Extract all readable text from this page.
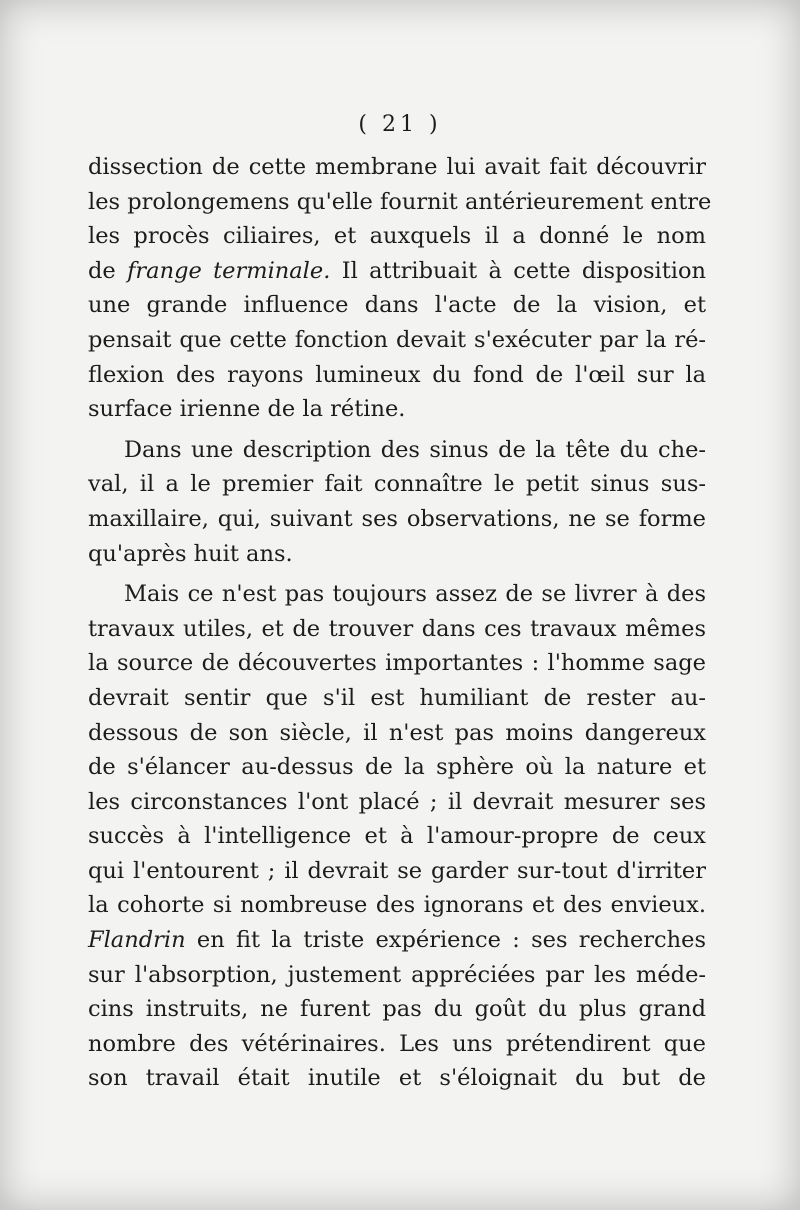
( 21 )
dissection de cette membrane lui avait fait découvrir
les prolongemens qu'elle fournit antérieurement entre
les procès ciliaires, et auxquels il a donné le nom
de frange terminale. Il attribuait à cette disposition
une grande influence dans l'acte de la vision, et
pensait que cette fonction devait s'exécuter par la ré-
flexion des rayons lumineux du fond de l'œil sur la
surface irienne de la rétine.
Dans une description des sinus de la tête du che-
val, il a le premier fait connaître le petit sinus sus-
maxillaire, qui, suivant ses observations, ne se forme
qu'après huit ans.
Mais ce n'est pas toujours assez de se livrer à des
travaux utiles, et de trouver dans ces travaux mêmes
la source de découvertes importantes : l'homme sage
devrait sentir que s'il est humiliant de rester au-
dessous de son siècle, il n'est pas moins dangereux
de s'élancer au-dessus de la sphère où la nature et
les circonstances l'ont placé ; il devrait mesurer ses
succès à l'intelligence et à l'amour-propre de ceux
qui l'entourent ; il devrait se garder sur-tout d'irriter
la cohorte si nombreuse des ignorans et des envieux.
Flandrin en fit la triste expérience : ses recherches
sur l'absorption, justement appréciées par les méde-
cins instruits, ne furent pas du goût du plus grand
nombre des vétérinaires. Les uns prétendirent que
son travail était inutile et s'éloignait du but de
